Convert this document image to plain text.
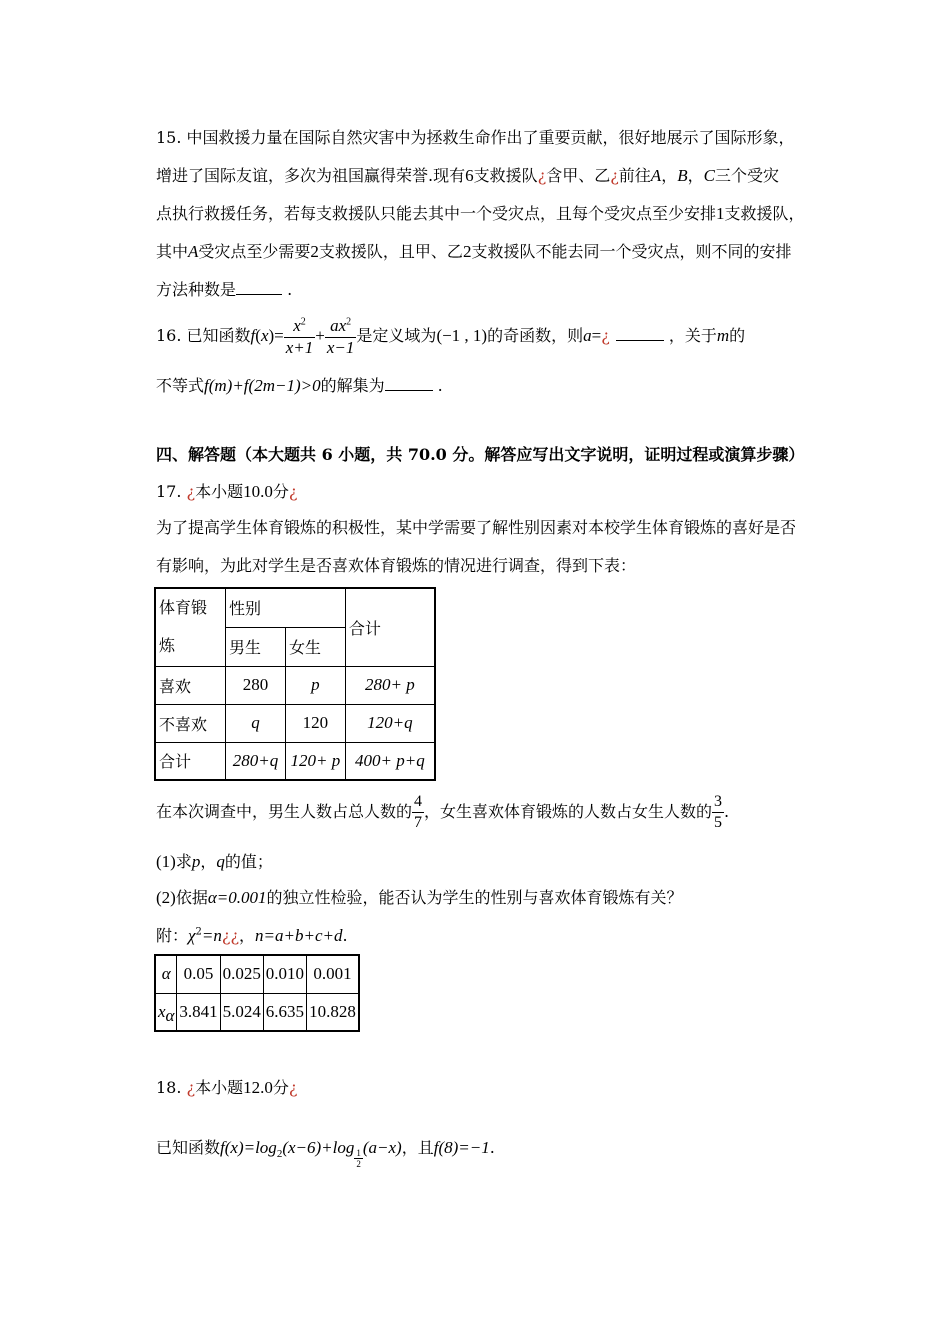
15. 中国救援力量在国际自然灾害中为拯救生命作出了重要贡献，很好地展示了国际形象，
增进了国际友谊，多次为祖国赢得荣誉.现有6支救援队¿含甲、乙¿前往A，B，C三个受灾
点执行救援任务，若每支救援队只能去其中一个受灾点，且每个受灾点至少安排1支救援队，
其中A受灾点至少需要2支救援队，且甲、乙2支救援队不能去同一个受灾点，则不同的安排
方法种数是	.
16. 已知函数$f(x)= \frac{x^2}{x+1} + \frac{ax^2}{x-1}$ 是定义域为(−1 , 1)的奇函数，则a=¿	，关于m的
不等式f(m)+f(2m−1)>0的解集为	.
四、解答题（本大题共 6 小题，共 70.0 分。解答应写出文字说明，证明过程或演算步骤）
17. ¿本小题10.0分¿
为了提高学生体育锻炼的积极性，某中学需要了解性别因素对本校学生体育锻炼的喜好是否
有影响，为此对学生是否喜欢体育锻炼的情况进行调查，得到下表：
体育锻
炼	性别		合计
	男生	女生	
喜欢	280	p	280+ p
不喜欢	q	120	120+q
合计	280+q	120+ p	400+ p+q
在本次调查中，男生人数占总人数的 $\frac{4}{7}$ ，女生喜欢体育锻炼的人数占女生人数的 $\frac{3}{5}$ .
(1)求p，q的值；
(2)依据α=0.001的独立性检验，能否认为学生的性别与喜欢体育锻炼有关？
附：$\chi^2=n¿¿$，n=a+b+c+d.
α	0.05	0.025	0.010	0.001
$x_\alpha$	3.841	5.024	6.635	10.828
18. ¿本小题12.0分¿
已知函数$f(x)=\log_2(x-6)+\log$
$\frac{1}{2}$
(a−x)，且f(8)=−1.
